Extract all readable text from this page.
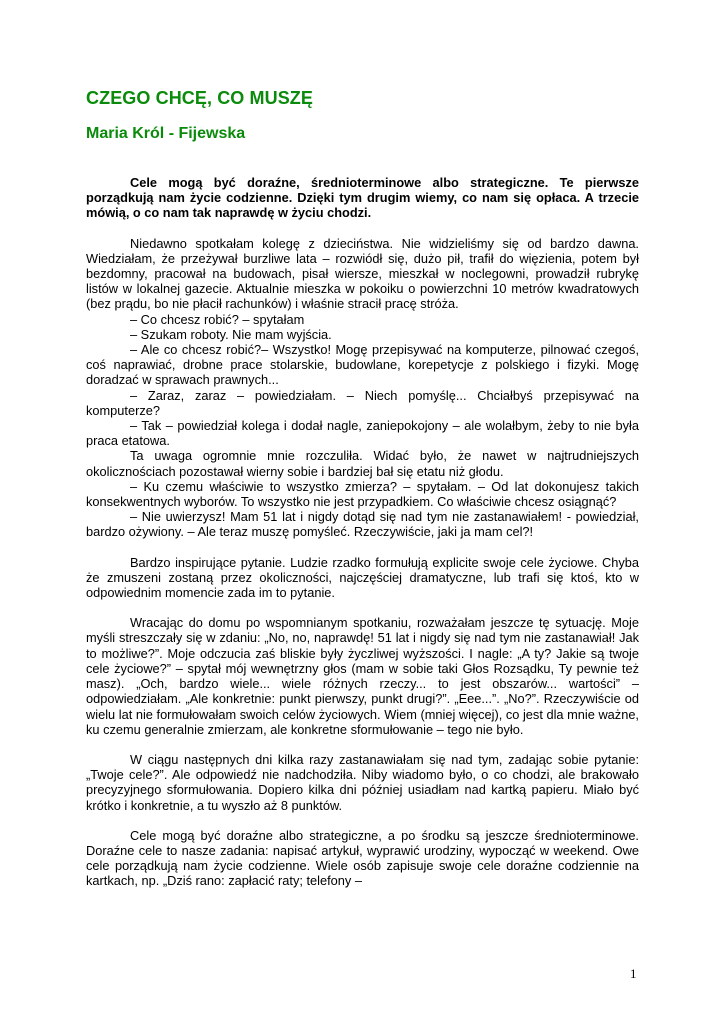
CZEGO CHCĘ, CO MUSZĘ
Maria Król - Fijewska

Cele mogą być doraźne, średnioterminowe albo strategiczne. Te pierwsze porządkują nam życie codzienne. Dzięki tym drugim wiemy, co nam się opłaca. A trzecie mówią, o co nam tak naprawdę w życiu chodzi.

Niedawno spotkałam kolegę z dzieciństwa. Nie widzieliśmy się od bardzo dawna. Wiedziałam, że przeżywał burzliwe lata – rozwiódł się, dużo pił, trafił do więzienia, potem był bezdomny, pracował na budowach, pisał wiersze, mieszkał w noclegowni, prowadził rubrykę listów w lokalnej gazecie. Aktualnie mieszka w pokoiku o powierzchni 10 metrów kwadratowych (bez prądu, bo nie płacił rachunków) i właśnie stracił pracę stróża.

– Co chcesz robić? – spytałam

– Szukam roboty. Nie mam wyjścia.

– Ale co chcesz robić?– Wszystko! Mogę przepisywać na komputerze, pilnować czegoś, coś naprawiać, drobne prace stolarskie, budowlane, korepetycje z polskiego i fizyki. Mogę doradzać w sprawach prawnych...

– Zaraz, zaraz – powiedziałam. – Niech pomyślę... Chciałbyś przepisywać na komputerze?

– Tak – powiedział kolega i dodał nagle, zaniepokojony – ale wolałbym, żeby to nie była praca etatowa.

Ta uwaga ogromnie mnie rozczuliła. Widać było, że nawet w najtrudniejszych okolicznościach pozostawał wierny sobie i bardziej bał się etatu niż głodu.

– Ku czemu właściwie to wszystko zmierza? – spytałam. – Od lat dokonujesz takich konsekwentnych wyborów. To wszystko nie jest przypadkiem. Co właściwie chcesz osiągnąć?

– Nie uwierzysz! Mam 51 lat i nigdy dotąd się nad tym nie zastanawiałem! - powiedział, bardzo ożywiony. – Ale teraz muszę pomyśleć. Rzeczywiście, jaki ja mam cel?!

Bardzo inspirujące pytanie. Ludzie rzadko formułują explicite swoje cele życiowe. Chyba że zmuszeni zostaną przez okoliczności, najczęściej dramatyczne, lub trafi się ktoś, kto w odpowiednim momencie zada im to pytanie.

Wracając do domu po wspomnianym spotkaniu, rozważałam jeszcze tę sytuację. Moje myśli streszczały się w zdaniu: „No, no, naprawdę! 51 lat i nigdy się nad tym nie zastanawiał! Jak to możliwe?”. Moje odczucia zaś bliskie były życzliwej wyższości. I nagle: „A ty? Jakie są twoje cele życiowe?” – spytał mój wewnętrzny głos (mam w sobie taki Głos Rozsądku, Ty pewnie też masz). „Och, bardzo wiele... wiele różnych rzeczy... to jest obszarów... wartości” – odpowiedziałam. „Ale konkretnie: punkt pierwszy, punkt drugi?”. „Eee...”. „No?”. Rzeczywiście od wielu lat nie formułowałam swoich celów życiowych. Wiem (mniej więcej), co jest dla mnie ważne, ku czemu generalnie zmierzam, ale konkretne sformułowanie – tego nie było.

W ciągu następnych dni kilka razy zastanawiałam się nad tym, zadając sobie pytanie: „Twoje cele?”. Ale odpowiedź nie nadchodziła. Niby wiadomo było, o co chodzi, ale brakowało precyzyjnego sformułowania. Dopiero kilka dni później usiadłam nad kartką papieru. Miało być krótko i konkretnie, a tu wyszło aż 8 punktów.

Cele mogą być doraźne albo strategiczne, a po środku są jeszcze średnioterminowe. Doraźne cele to nasze zadania: napisać artykuł, wyprawić urodziny, wypocząć w weekend. Owe cele porządkują nam życie codzienne. Wiele osób zapisuje swoje cele doraźne codziennie na kartkach, np. „Dziś rano: zapłacić raty; telefony –

1
